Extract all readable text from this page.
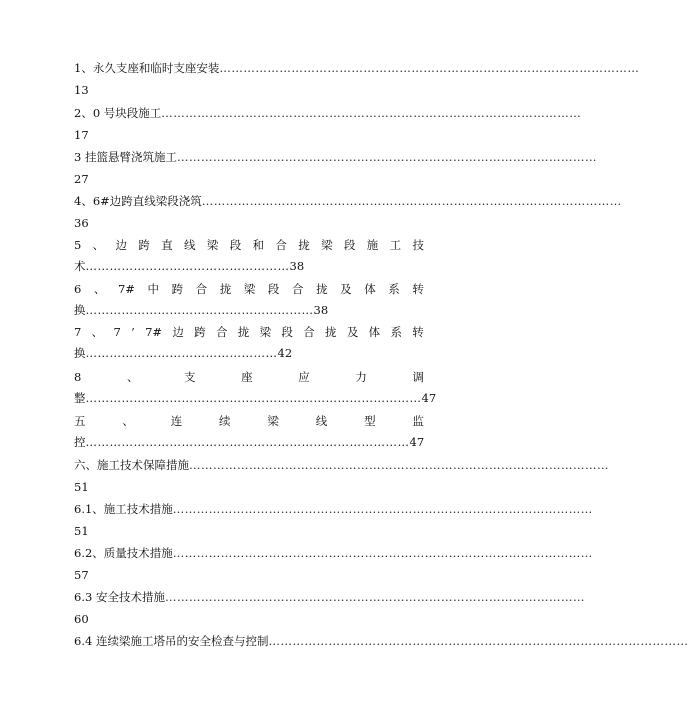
1、永久支座和临时支座安装 ……………………………………………………………………………………………
13
2、0 号块段施工 ……………………………………………………………………………………………
17
3 挂篮悬臂浇筑施工 ……………………………………………………………………………………………
27
4、6#边跨直线梁段浇筑 ……………………………………………………………………………………………
36
5 、 边 跨 直 线 梁 段 和 合 拢 梁 段 施 工 技
术……………………………………………38
6 、 7# 中 跨 合 拢 梁 段 合 拢 及 体 系 转
换…………………………………………………38
7 、 7 ’ 7# 边 跨 合 拢 梁 段 合 拢 及 体 系 转
换…………………………………………42
8	、	支	座	应	力	调
整…………………………………………………………………………47
五	、	连	续	梁	线	型	监
控………………………………………………………………………47
六、施工技术保障措施 ……………………………………………………………………………………………
51
6.1、施工技术措施 ……………………………………………………………………………………………
51
6.2、质量技术措施 ……………………………………………………………………………………………
57
6.3 安全技术措施 ……………………………………………………………………………………………
60
6.4 连续梁施工塔吊的安全检查与控制 ……………………………………………………………………………………………
